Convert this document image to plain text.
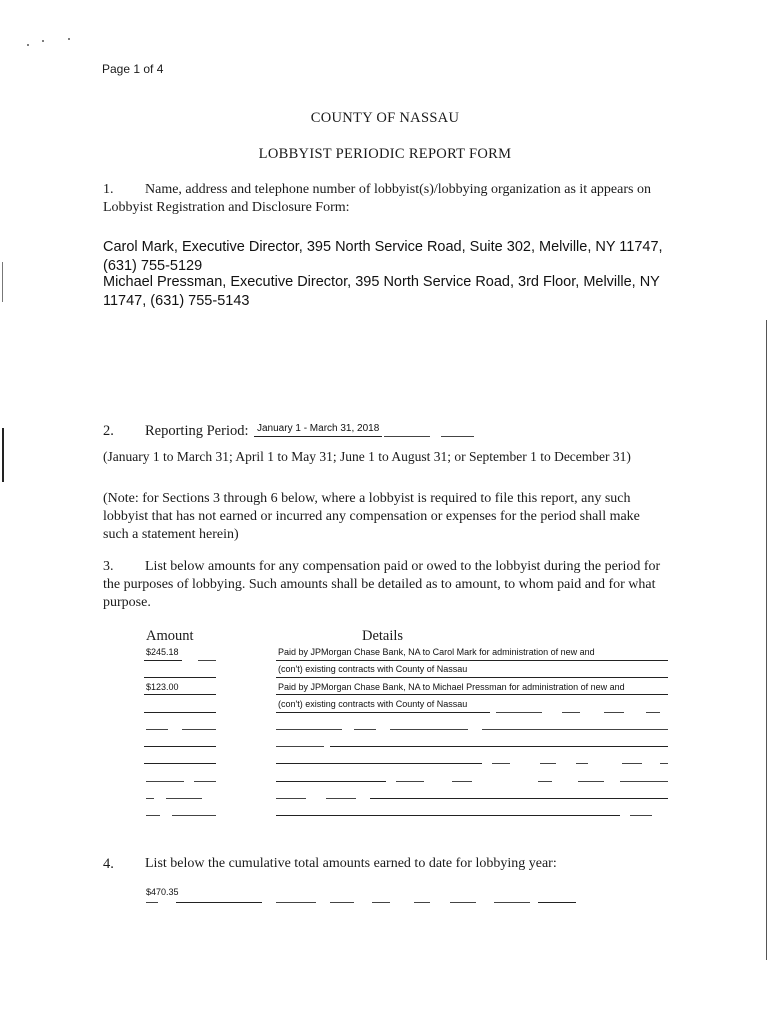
Page 1 of 4
COUNTY OF NASSAU
LOBBYIST PERIODIC REPORT FORM
1.	Name, address and telephone number of lobbyist(s)/lobbying organization as it appears on Lobbyist Registration and Disclosure Form:
Carol Mark, Executive Director, 395 North Service Road, Suite 302, Melville, NY 11747, (631) 755-5129
Michael Pressman, Executive Director, 395 North Service Road, 3rd Floor, Melville, NY 11747, (631) 755-5143
2. Reporting Period: January 1 - March 31, 2018
(January 1 to March 31; April 1 to May 31; June 1 to August 31; or September 1 to December 31)
(Note: for Sections 3 through 6 below, where a lobbyist is required to file this report, any such lobbyist that has not earned or incurred any compensation or expenses for the period shall make such a statement herein)
3.	List below amounts for any compensation paid or owed to the lobbyist during the period for the purposes of lobbying. Such amounts shall be detailed as to amount, to whom paid and for what purpose.
Amount	Details
$245.18	Paid by JPMorgan Chase Bank, NA to Carol Mark for administration of new and
(con't) existing contracts with County of Nassau
$123.00	Paid by JPMorgan Chase Bank, NA to Michael Pressman for administration of new and
(con't) existing contracts with County of Nassau
4. List below the cumulative total amounts earned to date for lobbying year:
$470.35
